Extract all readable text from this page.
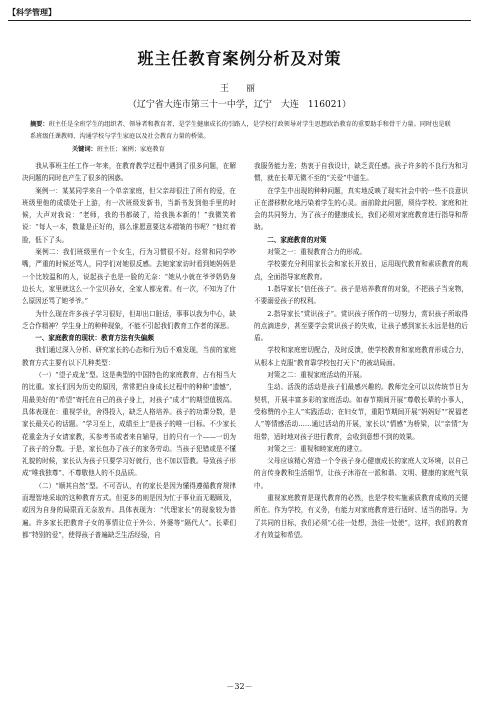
【科学管理】
班主任教育案例分析及对策
王　丽
（辽宁省大连市第三十一中学，辽宁　大连　116021）
摘要：班主任是全班学生的组织者、领导者和教育者，是学生健康成长的引路人，是学校行政领导对学生思想政治教育的重要助手和骨干力量。同时也是联系班级任课教师、沟通学校与学生家庭以及社会教育力量的桥梁。
关键词：班主任；案例；家庭教育

我从事班主任工作一年来，在教育教学过程中遇到了很多问题，在解决问题的同时也产生了很多的困惑。

案例一：某某同学来自一个单亲家庭，但父亲却很注了所有的爱，在班级里他的成绩处于上游，有一次班级发新书，当新书发到他手里的时候，大声对我说：“老师，我的书都破了，给我换本新的！”我微笑着说：“每人一本，数量是正好的，那么谁愿意要这本褶皱的书呢？”他红着脸，低下了头。

案例二：我们班级里有一个女生，行为习惯很不好。经常和同学吵嘴，严重的时候还骂人，同学们对她很反感。去她家家访时看到她妈妈是一个比较温和的人，说起孩子也是一脸的无奈：“她从小就在爷爷奶奶身边长大，家里就这么一个宝贝孙女，全家人都宠着。有一次，不知为了什么原因还骂了她爷爷。”

为什么现在许多孩子学习很好，但却出口脏话，事事以我为中心，缺乏合作精神？学生身上的种种现象，不能不引起我们教育工作者的深思。

一、家庭教育的现状：教育方法有失偏颇

我们通过深入分析、研究家长的心态和行为后不难发现，当前的家庭教育方式主要有以下几种类型：

（一）“望子成龙”型。这是典型的中国特色的家庭教育，占有相当大的比重。家长们因为历史的原因，常常把自身成长过程中的种种“遗憾”，用最美好的“希望”寄托在自己的孩子身上，对孩子“成才”的期望值极高。具体表现在：重视学业，舍得投入，缺乏人格培养。孩子的功课分数，是家长最关心的话题。“学习至上，成绩至上”是孩子的唯一目标。不少家长花重金为子女请家教，买参考书或者来自辅导，目的只有一个——一切为了孩子的分数。于是，家长包办了孩子的家务劳动。当孩子犯错或是不懂礼貌的时候，家长认为孩子只要学习好就行，也不加以管教。导致孩子形成“唯我独尊”、不尊敬他人的不良品质。

（二）“顺其自然”型。不可否认，有的家长是因为懂得遵循教育规律而理智地采取的这种教育方式。但更多的则是因为忙于事业而无暇顾及，或因为自身的局限而无奈放弃。具体表现为：“代理家长”的现象较为普遍。许多家长把教育子女的事情让位于外公、外婆等“隔代人”。长辈们都“特别的爱”，使得孩子普遍缺乏生活经验，自

我服务能力差；热衷于自我设计，缺乏责任感。孩子许多的不良行为和习惯，就在长辈无微不至的“关爱”中滋生。

在学生中出现的种种问题，真实地反映了现实社会中的一些不良意识正在潜移默化地污染着学生的心灵。面前除此问题，须待学校、家庭和社会的共同努力，为了孩子的健康成长，我们必须对家庭教育进行指导和帮助。

二、家庭教育的对策

对策之一：重视教育合力的形成。

学校要充分利用家长会和家长开放日，运用现代教育和素质教育的观点，全面指导家庭教育。

1.指导家长“信任孩子”。孩子是培养教育的对象，不把孩子当宠物，不要溺爱孩子的权利。

2.指导家长“赏识孩子”。赏识孩子所作的一切努力，赏识孩子所取得的点滴进步，甚至要学会赏识孩子的失败，让孩子感到家长永远是他的后盾。

学校和家庭密切配合，及时反馈，使学校教育和家庭教育形成合力，从根本上克服“教育靠学校包打天下”的被动局面。

对策之二：重视家庭活动的开展。

生动、活泼的活动是孩子们最感兴趣的。教师完全可以以传统节日为契机，开展丰富多彩的家庭活动。如春节期间开展“尊敬长辈的小事人，受称赞的小主人”实践活动；在妇女节，重阳节期间开展“妈妈好”“祝福老人”等情感活动……通过活动的开展，家长以“情感”为桥梁，以“亲情”为纽带，适时地对孩子进行教育，会收到意想不到的效果。

对策之三：重视和睦家庭的建立。

父母应该精心营造一个令孩子身心健康成长的家庭人文环境，以自己的言传身教和生活细节，让孩子沐浴在一派和谐、文明、健康的家庭气氛中。

重视家庭教育是现代教育的必然，也是学校实施素质教育成败的关键所在。作为学校，有义务，有能力对家庭教育进行适时、适当的指导。为了共同的目标，我们必须“心往一处想，劲往一处使”，这样，我们的教育才有效益和希望。

－32－
